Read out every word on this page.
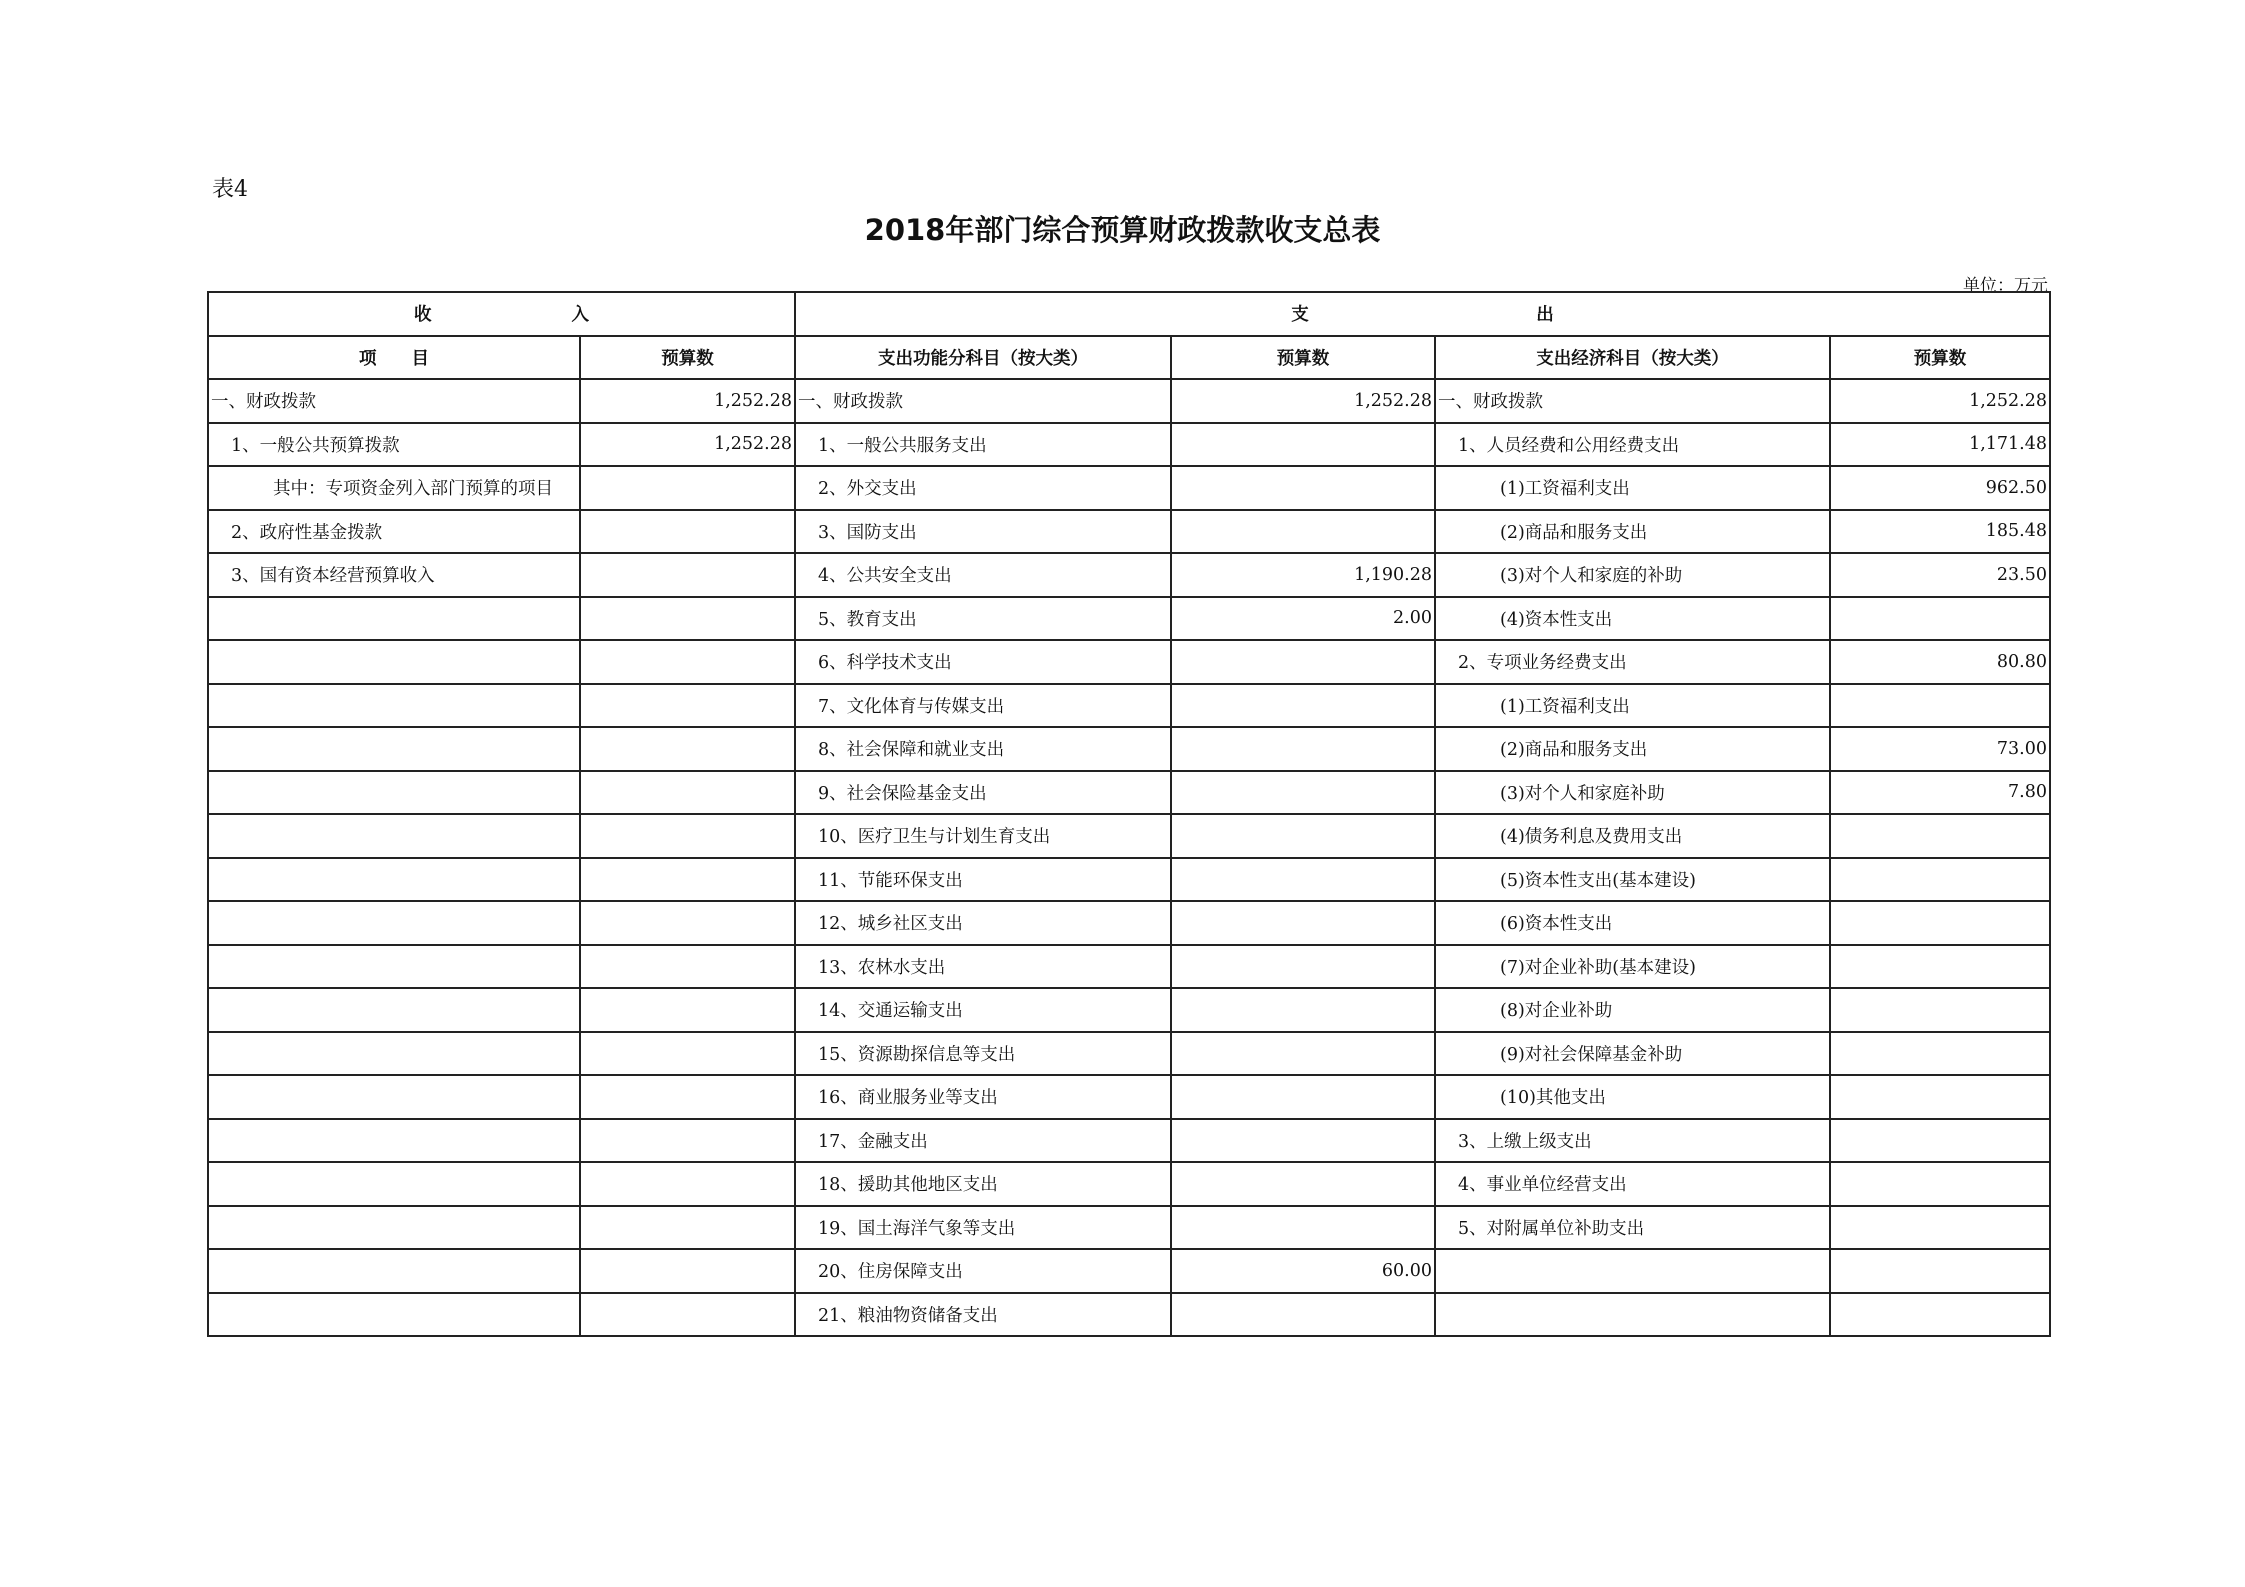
表4
2018年部门综合预算财政拨款收支总表
单位：万元
收　　　　　　　　入		支　　　　　　　　　　　　　出			
项　　目	预算数	支出功能分科目（按大类）	预算数	支出经济科目（按大类）	预算数
一、财政拨款	1,252.28	一、财政拨款	1,252.28	一、财政拨款	1,252.28
1、一般公共预算拨款	1,252.28	1、一般公共服务支出		1、人员经费和公用经费支出	1,171.48
其中：专项资金列入部门预算的项目		2、外交支出		(1)工资福利支出	962.50
2、政府性基金拨款		3、国防支出		(2)商品和服务支出	185.48
3、国有资本经营预算收入		4、公共安全支出	1,190.28	(3)对个人和家庭的补助	23.50
		5、教育支出	2.00	(4)资本性支出	
		6、科学技术支出		2、专项业务经费支出	80.80
		7、文化体育与传媒支出		(1)工资福利支出	
		8、社会保障和就业支出		(2)商品和服务支出	73.00
		9、社会保险基金支出		(3)对个人和家庭补助	7.80
		10、医疗卫生与计划生育支出		(4)债务利息及费用支出	
		11、节能环保支出		(5)资本性支出(基本建设)	
		12、城乡社区支出		(6)资本性支出	
		13、农林水支出		(7)对企业补助(基本建设)	
		14、交通运输支出		(8)对企业补助	
		15、资源勘探信息等支出		(9)对社会保障基金补助	
		16、商业服务业等支出		(10)其他支出	
		17、金融支出		3、上缴上级支出	
		18、援助其他地区支出		4、事业单位经营支出	
		19、国土海洋气象等支出		5、对附属单位补助支出	
		20、住房保障支出	60.00		
		21、粮油物资储备支出			
